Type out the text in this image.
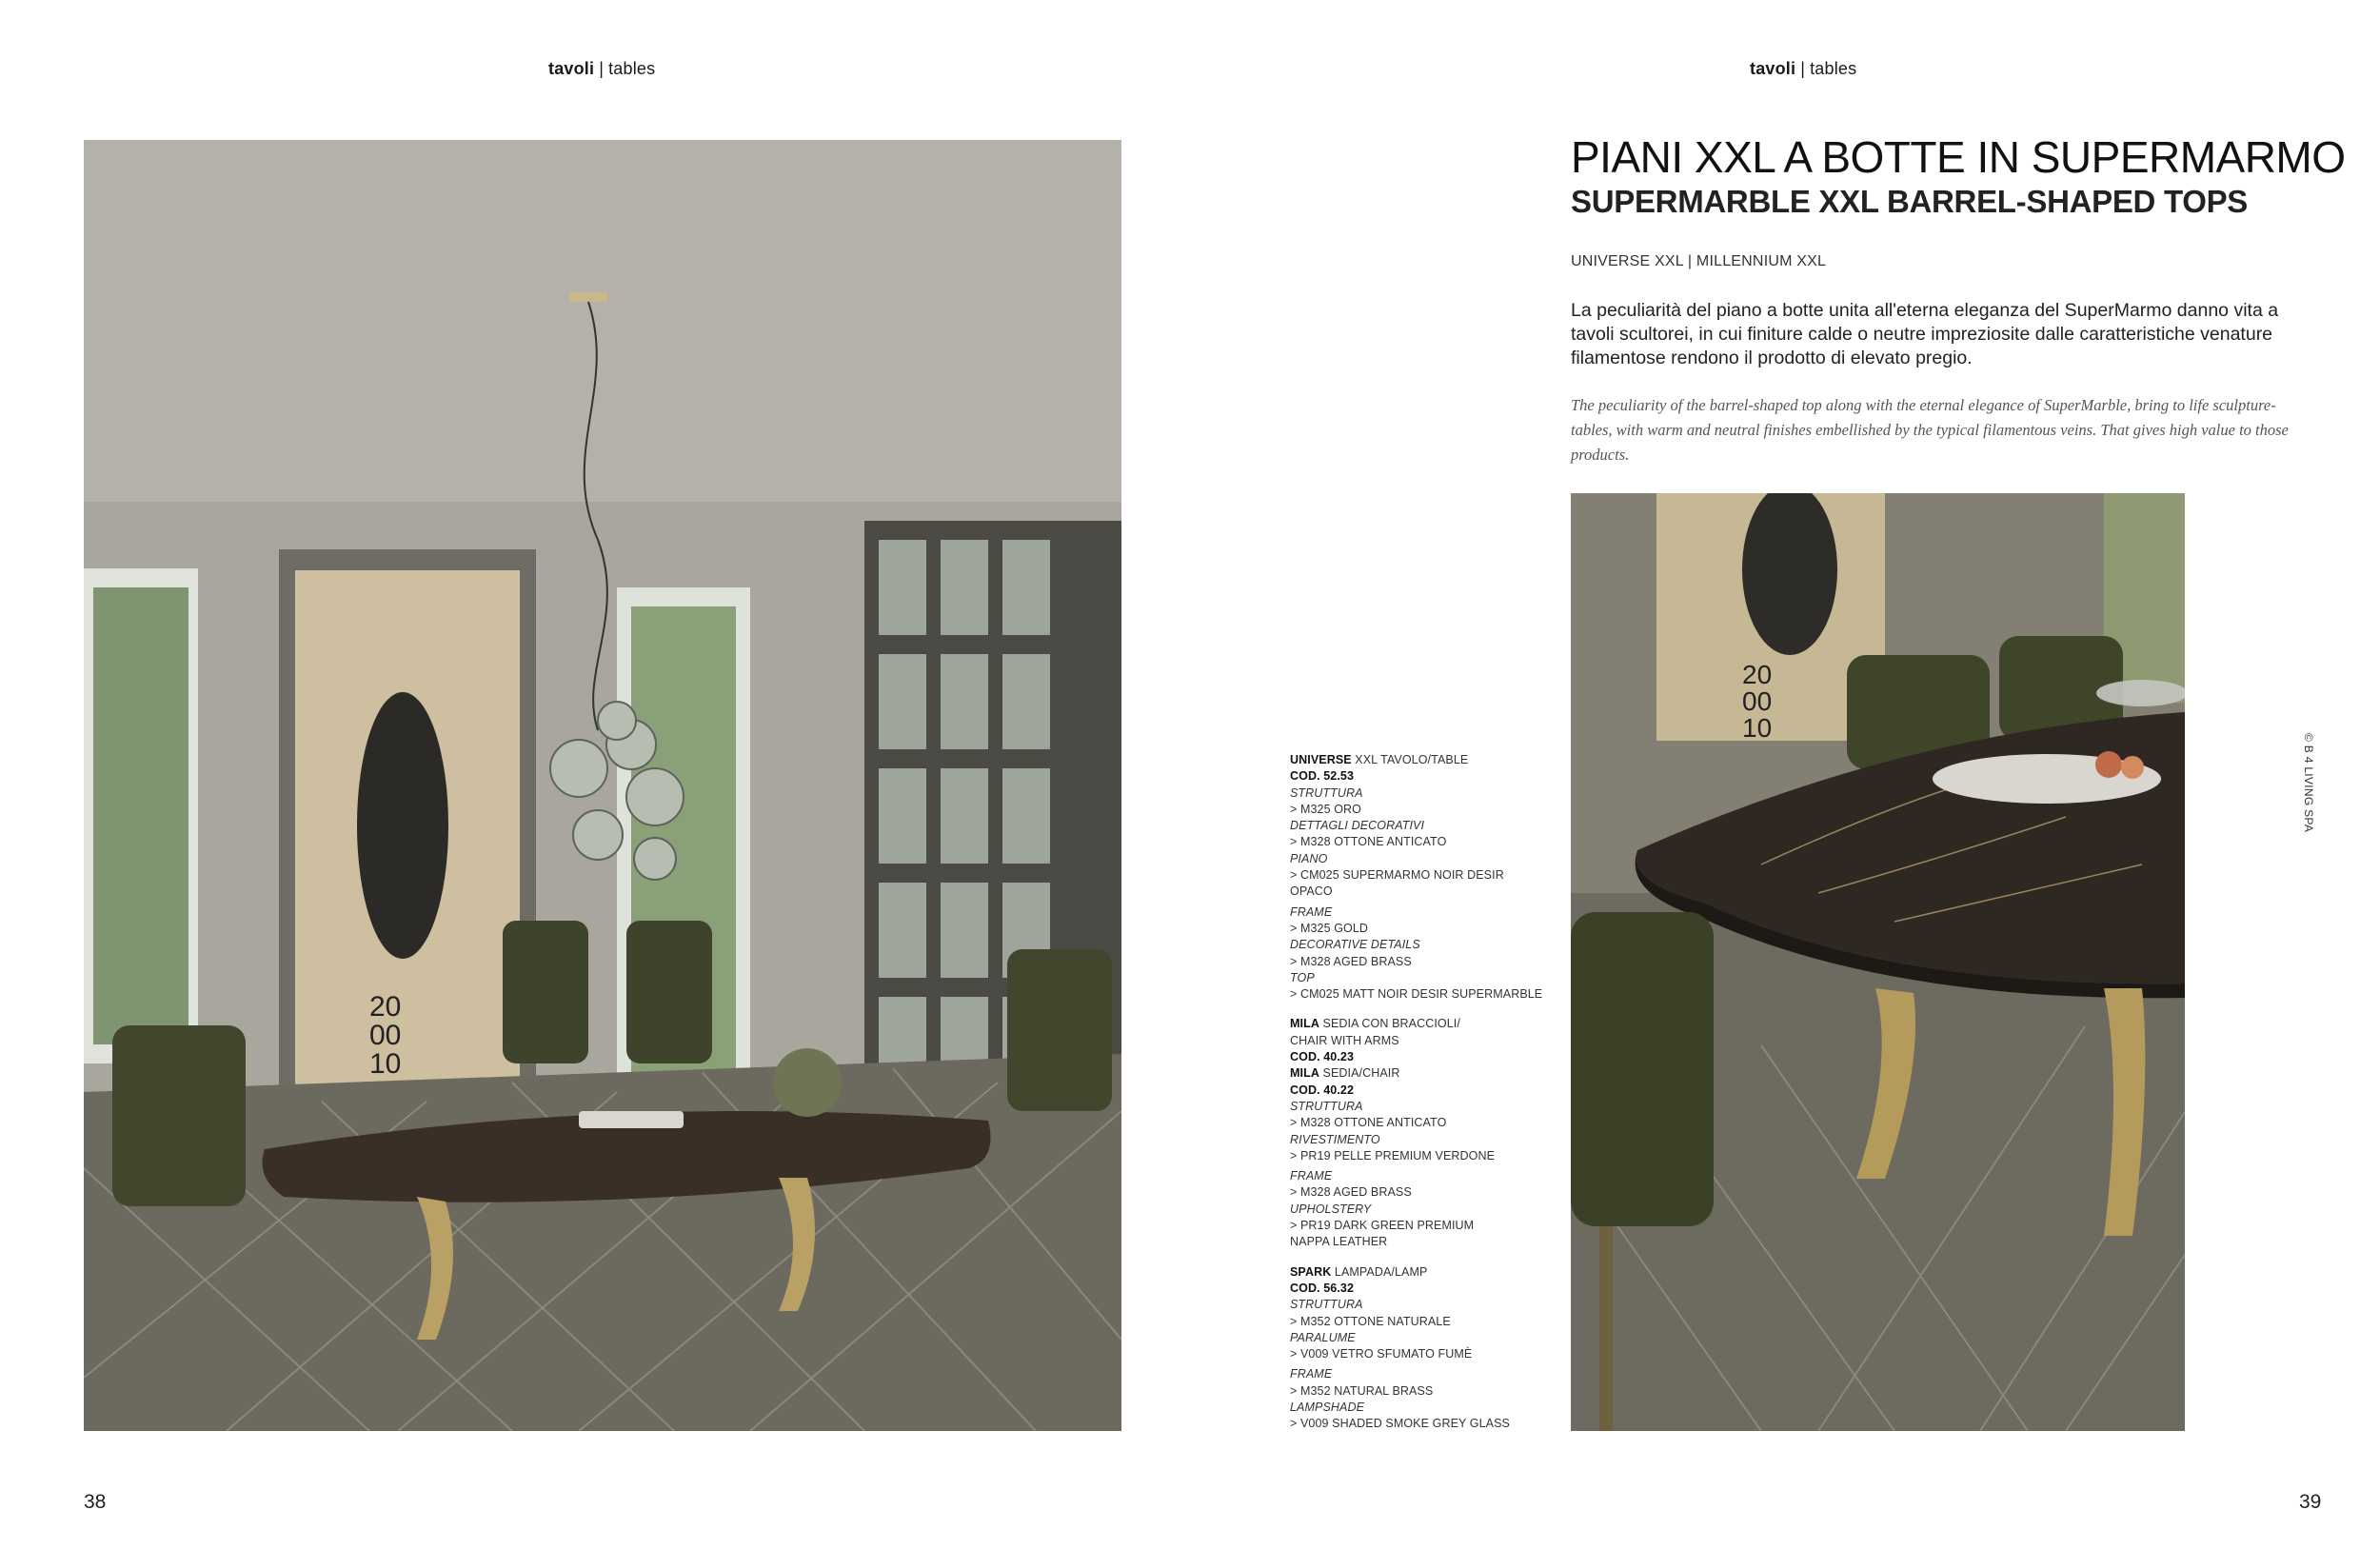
tavoli | tables	tavoli | tables
20
00
10
PIANI XXL A BOTTE IN SUPERMARMO
SUPERMARBLE XXL BARREL-SHAPED TOPS

UNIVERSE XXL | MILLENNIUM XXL

La peculiarità del piano a botte unita all'eterna eleganza del SuperMarmo danno vita a tavoli scultorei, in cui finiture calde o neutre impreziosite dalle caratteristiche venature filamentose rendono il prodotto di elevato pregio.

The peculiarity of the barrel-shaped top along with the eternal elegance of SuperMarble, bring to life sculpture-tables, with warm and neutral finishes embellished by the typical filamentous veins. That gives high value to those products.

UNIVERSE XXL TAVOLO/TABLE
COD. 52.53
STRUTTURA
> M325 ORO
DETTAGLI DECORATIVI
> M328 OTTONE ANTICATO
PIANO
> CM025 SUPERMARMO NOIR DESIR OPACO
FRAME
> M325 GOLD
DECORATIVE DETAILS
> M328 AGED BRASS
TOP
> CM025 MATT NOIR DESIR SUPERMARBLE
MILA SEDIA CON BRACCIOLI/
CHAIR WITH ARMS
COD. 40.23
MILA SEDIA/CHAIR
COD. 40.22
STRUTTURA
> M328 OTTONE ANTICATO
RIVESTIMENTO
> PR19 PELLE PREMIUM VERDONE
FRAME
> M328 AGED BRASS
UPHOLSTERY
> PR19 DARK GREEN PREMIUM
NAPPA LEATHER
SPARK LAMPADA/LAMP
COD. 56.32
STRUTTURA
> M352 OTTONE NATURALE
PARALUME
> V009 VETRO SFUMATO FUMÈ
FRAME
> M352 NATURAL BRASS
LAMPSHADE
> V009 SHADED SMOKE GREY GLASS
20
00
10
© B 4 LIVING SPA
38	39
